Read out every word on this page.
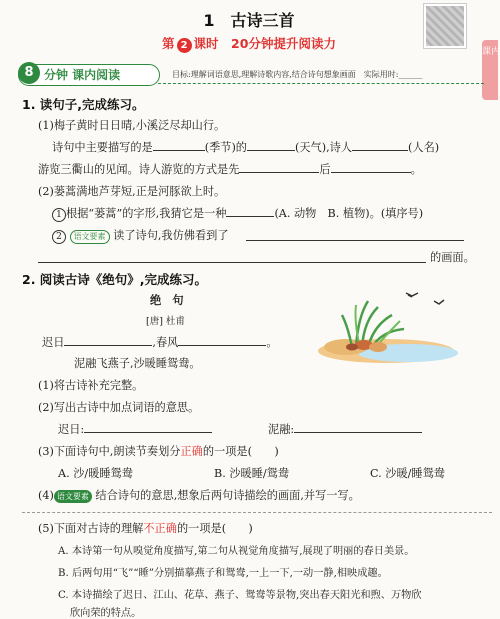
1　古诗三首
第 2 课时　20分钟提升阅读力
课内
8 分钟 课内阅读	目标:理解词语意思,理解诗歌内容,结合诗句想象画面　实际用时:______
1. 读句子,完成练习。
(1)梅子黄时日日晴,小溪泛尽却山行。
诗句中主要描写的是	(季节)的	(天气),诗人	(人名)
游览三衢山的见闻。诗人游览的方式是先	后	。
(2)蒌蒿满地芦芽短,正是河豚欲上时。
1 根据“蒌蒿”的字形,我猜它是一种	(A. 动物　B. 植物)。(填序号)
2 语文要素 读了诗句,我仿佛看到了
的画面。
2. 阅读古诗《绝句》,完成练习。
绝　句
[唐] 杜甫
迟日	,春风	。
泥融飞燕子,沙暖睡鸳鸯。
(1)将古诗补充完整。
(2)写出古诗中加点词语的意思。
迟日:	泥融:
(3)下面诗句中,朗读节奏划分正确的一项是(　　)
A. 沙/暖睡鸳鸯	B. 沙暖睡/鸳鸯	C. 沙暖/睡鸳鸯
(4) 语文要素 结合诗句的意思,想象后两句诗描绘的画面,并写一写。
(5)下面对古诗的理解不正确的一项是(　　)
A. 本诗第一句从嗅觉角度描写,第二句从视觉角度描写,展现了明丽的春日美景。
B. 后两句用“飞”“睡”分别描摹燕子和鸳鸯,一上一下,一动一静,相映成趣。
C. 本诗描绘了迟日、江山、花草、燕子、鸳鸯等景物,突出春天阳光和煦、万物欣
欣向荣的特点。
